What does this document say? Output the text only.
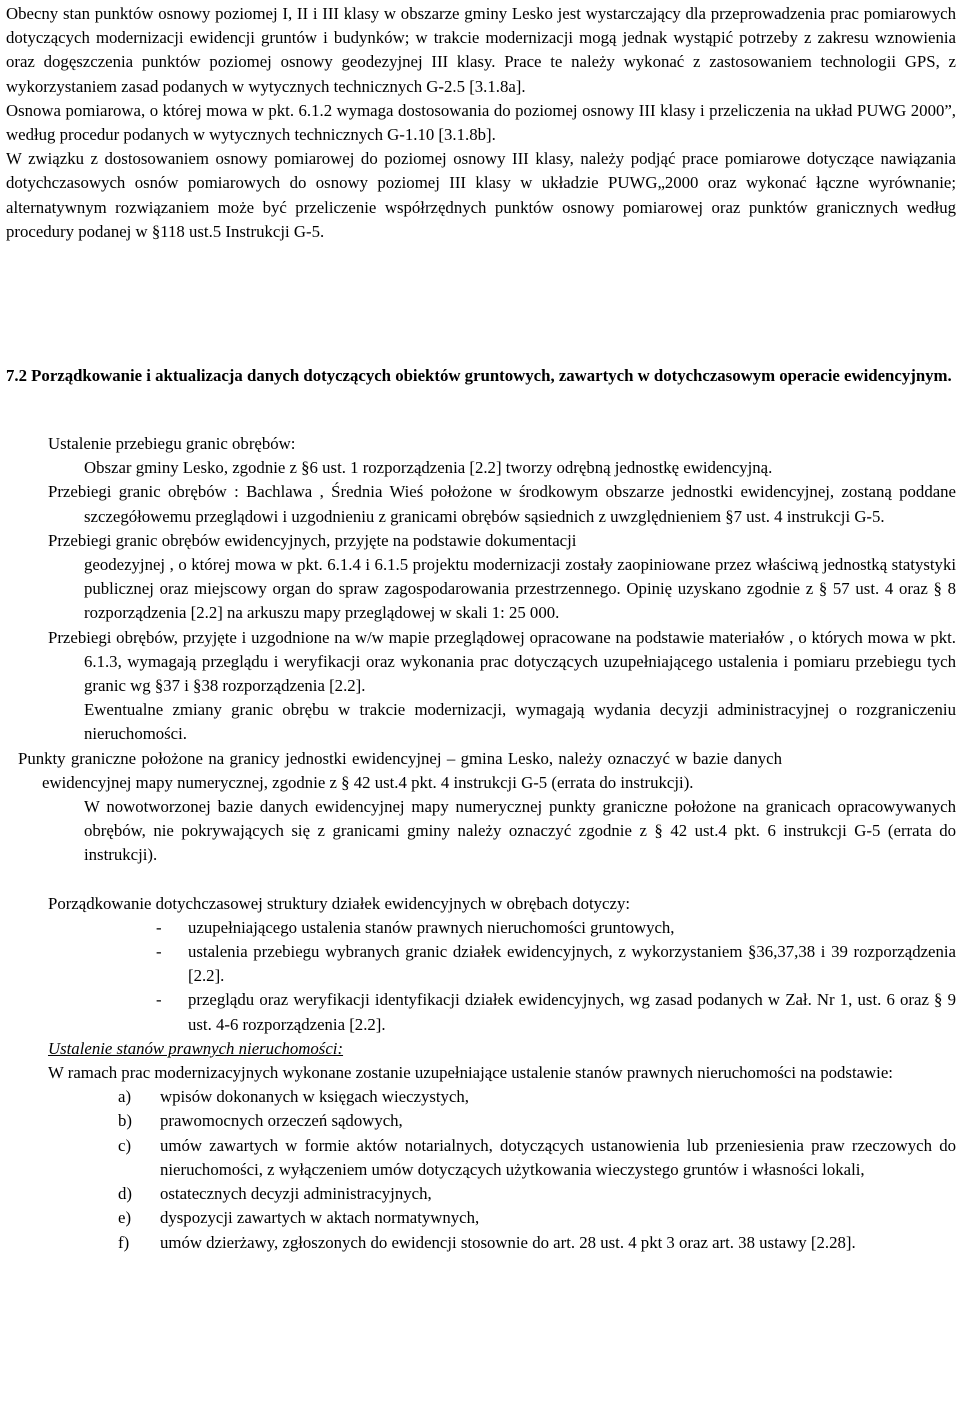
Obecny stan punktów osnowy poziomej I, II i III klasy w obszarze gminy Lesko jest wystarczający dla przeprowadzenia prac pomiarowych dotyczących modernizacji ewidencji gruntów i budynków; w trakcie modernizacji mogą jednak wystąpić potrzeby z zakresu wznowienia oraz dogęszczenia punktów poziomej osnowy geodezyjnej III klasy. Prace te należy wykonać z zastosowaniem technologii GPS, z wykorzystaniem zasad podanych w wytycznych technicznych G-2.5 [3.1.8a].

Osnowa pomiarowa, o której mowa w pkt. 6.1.2 wymaga dostosowania do poziomej osnowy III klasy i przeliczenia na układ PUWG 2000”, według procedur podanych w wytycznych technicznych G-1.10 [3.1.8b].

W związku z dostosowaniem osnowy pomiarowej do poziomej osnowy III klasy, należy podjąć prace pomiarowe dotyczące nawiązania dotychczasowych osnów pomiarowych do osnowy poziomej III klasy w układzie PUWG„2000 oraz wykonać łączne wyrównanie; alternatywnym rozwiązaniem może być przeliczenie współrzędnych punktów osnowy pomiarowej oraz punktów granicznych według procedury podanej w §118 ust.5 Instrukcji G-5.

7.2 Porządkowanie i aktualizacja danych dotyczących obiektów gruntowych, zawartych w dotychczasowym operacie ewidencyjnym.

Ustalenie przebiegu granic obrębów:

Obszar gminy Lesko, zgodnie z §6 ust. 1 rozporządzenia [2.2] tworzy odrębną jednostkę ewidencyjną.

Przebiegi granic obrębów : Bachlawa , Średnia Wieś położone w środkowym obszarze jednostki ewidencyjnej, zostaną poddane szczegółowemu przeglądowi i uzgodnieniu z granicami obrębów sąsiednich z uwzględnieniem §7 ust. 4 instrukcji G-5.

Przebiegi granic obrębów ewidencyjnych, przyjęte na podstawie dokumentacji

geodezyjnej , o której mowa w pkt. 6.1.4 i 6.1.5 projektu modernizacji zostały zaopiniowane przez właściwą jednostką statystyki publicznej oraz miejscowy organ do spraw zagospodarowania przestrzennego. Opinię uzyskano zgodnie z § 57 ust. 4 oraz § 8 rozporządzenia [2.2] na arkuszu mapy przeglądowej w skali 1: 25 000.

Przebiegi obrębów, przyjęte i uzgodnione na w/w mapie przeglądowej opracowane na podstawie materiałów , o których mowa w pkt. 6.1.3, wymagają przeglądu i weryfikacji oraz wykonania prac dotyczących uzupełniającego ustalenia i pomiaru przebiegu tych granic wg §37 i §38 rozporządzenia [2.2].

Ewentualne zmiany granic obrębu w trakcie modernizacji, wymagają wydania decyzji administracyjnej o rozgraniczeniu nieruchomości.

Punkty graniczne położone na granicy jednostki ewidencyjnej – gmina Lesko, należy oznaczyć w bazie danych ewidencyjnej mapy numerycznej, zgodnie z § 42 ust.4 pkt. 4 instrukcji G-5 (errata do instrukcji).

W nowotworzonej bazie danych ewidencyjnej mapy numerycznej punkty graniczne położone na granicach opracowywanych obrębów, nie pokrywających się z granicami gminy należy oznaczyć zgodnie z § 42 ust.4 pkt. 6 instrukcji G-5 (errata do instrukcji).

Porządkowanie dotychczasowej struktury działek ewidencyjnych w obrębach dotyczy:

- uzupełniającego ustalenia stanów prawnych nieruchomości gruntowych,
- ustalenia przebiegu wybranych granic działek ewidencyjnych, z wykorzystaniem §36,37,38 i 39 rozporządzenia [2.2].
- przeglądu oraz weryfikacji identyfikacji działek ewidencyjnych, wg zasad podanych w Zał. Nr 1, ust. 6 oraz § 9 ust. 4-6 rozporządzenia [2.2].

Ustalenie stanów prawnych nieruchomości:

W ramach prac modernizacyjnych wykonane zostanie uzupełniające ustalenie stanów prawnych nieruchomości na podstawie:

a) wpisów dokonanych w księgach wieczystych,
b) prawomocnych orzeczeń sądowych,
c) umów zawartych w formie aktów notarialnych, dotyczących ustanowienia lub przeniesienia praw rzeczowych do nieruchomości, z wyłączeniem umów dotyczących użytkowania wieczystego gruntów i własności lokali,
d) ostatecznych decyzji administracyjnych,
e) dyspozycji zawartych w aktach normatywnych,
f) umów dzierżawy, zgłoszonych do ewidencji stosownie do art. 28 ust. 4 pkt 3 oraz art. 38 ustawy [2.28].
